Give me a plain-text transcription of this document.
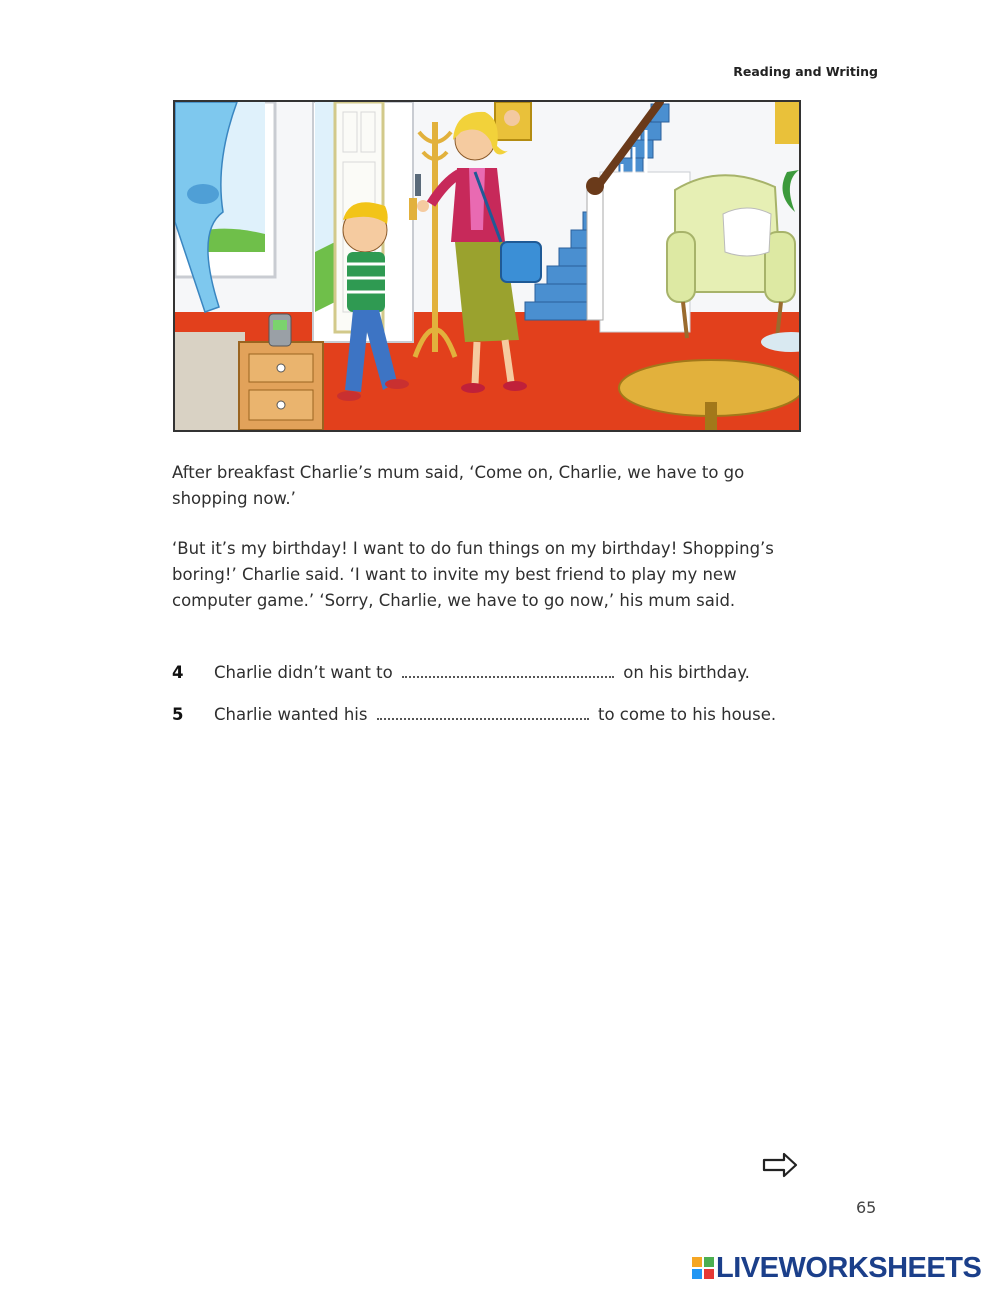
Reading and Writing

After breakfast Charlie’s mum said, ‘Come on, Charlie, we have to go shopping now.’

‘But it’s my birthday! I want to do fun things on my birthday! Shopping’s boring!’ Charlie said. ‘I want to invite my best friend to play my new computer game.’ ‘Sorry, Charlie, we have to go now,’ his mum said.

4 Charlie didn’t want to	on his birthday.
5 Charlie wanted his	to come to his house.
65
LIVEWORKSHEETS
